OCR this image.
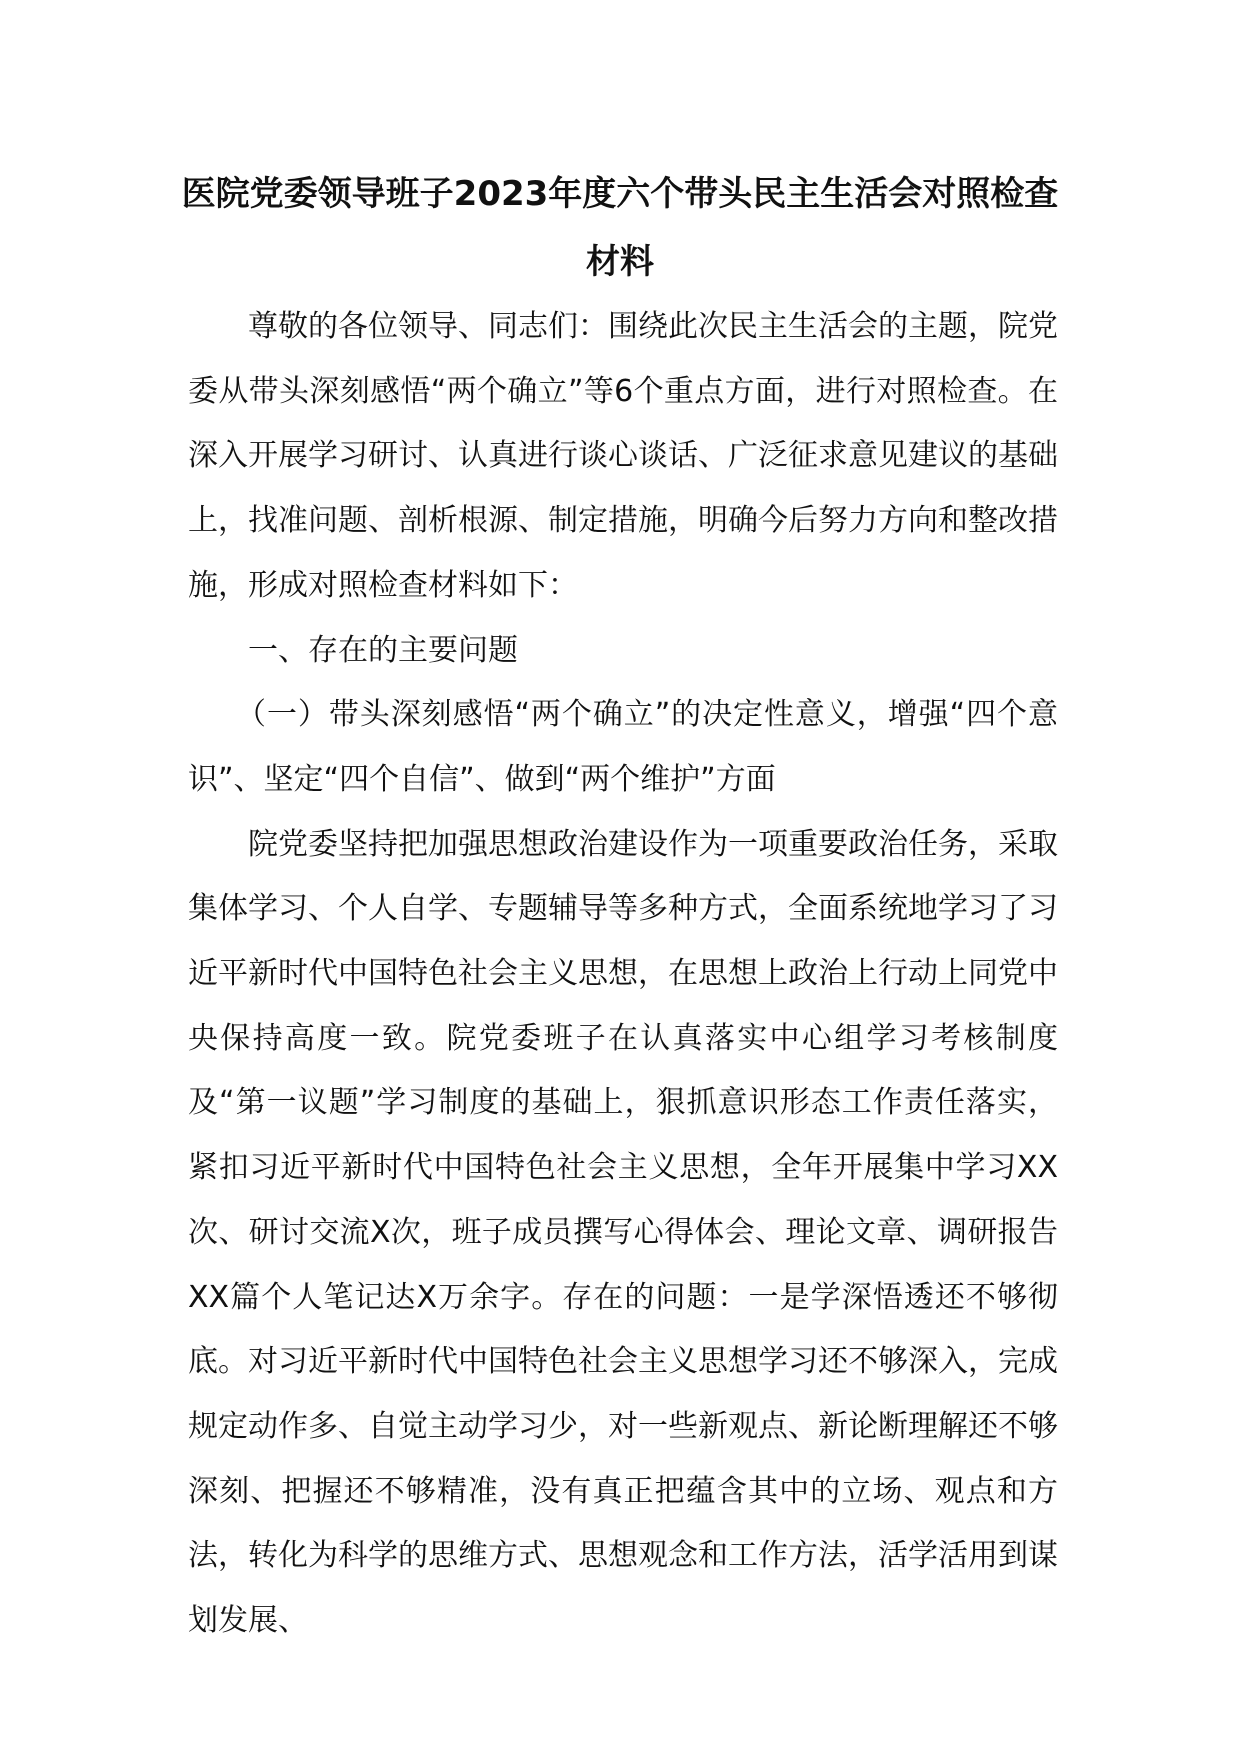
医院党委领导班子2023年度六个带头民主生活会对照检查材料

尊敬的各位领导、同志们：围绕此次民主生活会的主题，院党委从带头深刻感悟“两个确立”等6个重点方面，进行对照检查。在深入开展学习研讨、认真进行谈心谈话、广泛征求意见建议的基础上，找准问题、剖析根源、制定措施，明确今后努力方向和整改措施，形成对照检查材料如下：

一、存在的主要问题

（一）带头深刻感悟“两个确立”的决定性意义，增强“四个意识”、坚定“四个自信”、做到“两个维护”方面

院党委坚持把加强思想政治建设作为一项重要政治任务，采取集体学习、个人自学、专题辅导等多种方式，全面系统地学习了习近平新时代中国特色社会主义思想，在思想上政治上行动上同党中央保持高度一致。院党委班子在认真落实中心组学习考核制度及“第一议题”学习制度的基础上，狠抓意识形态工作责任落实，紧扣习近平新时代中国特色社会主义思想，全年开展集中学习XX次、研讨交流X次，班子成员撰写心得体会、理论文章、调研报告XX篇个人笔记达X万余字。存在的问题：一是学深悟透还不够彻底。对习近平新时代中国特色社会主义思想学习还不够深入，完成规定动作多、自觉主动学习少，对一些新观点、新论断理解还不够深刻、把握还不够精准，没有真正把蕴含其中的立场、观点和方法，转化为科学的思维方式、思想观念和工作方法，活学活用到谋划发展、
